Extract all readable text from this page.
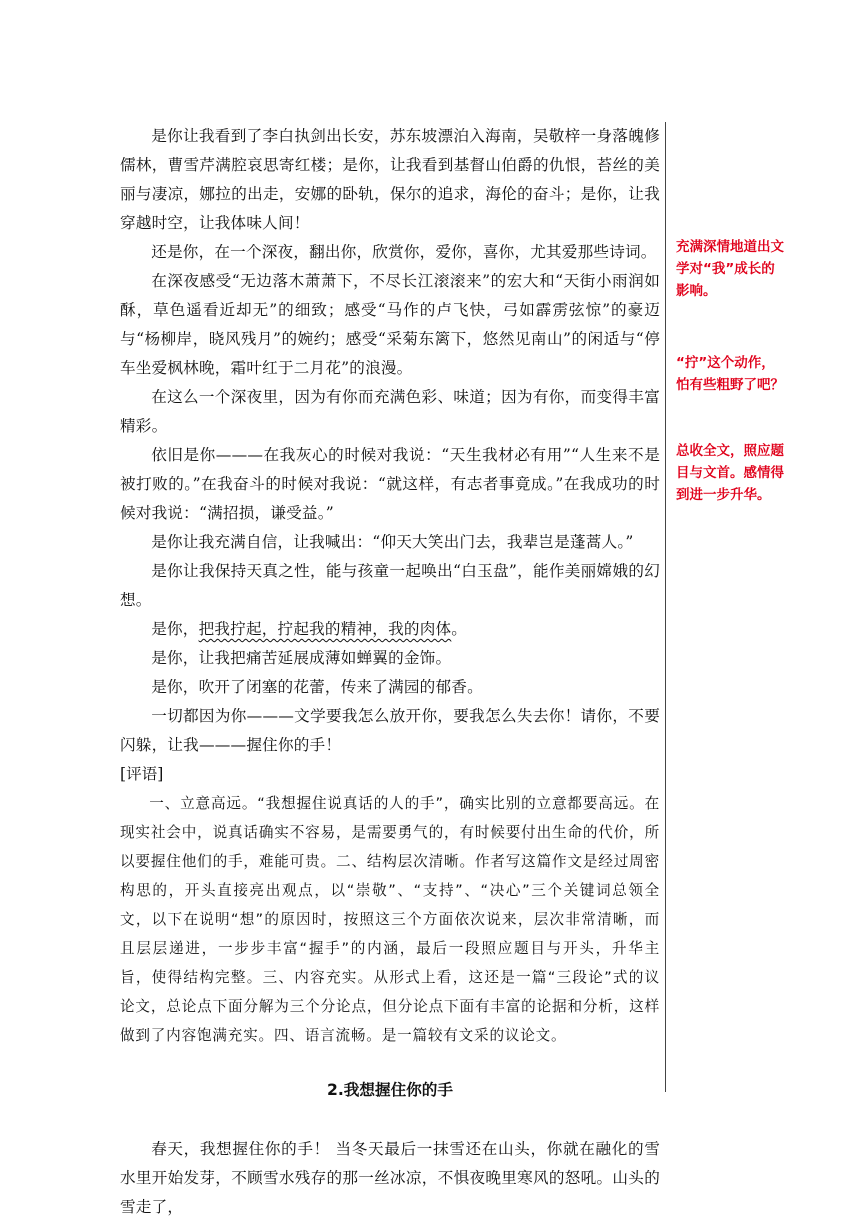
是你让我看到了李白执剑出长安，苏东坡漂泊入海南，吴敬梓一身落魄修儒林，曹雪芹满腔哀思寄红楼；是你，让我看到基督山伯爵的仇恨，苔丝的美丽与凄凉，娜拉的出走，安娜的卧轨，保尔的追求，海伦的奋斗；是你，让我穿越时空，让我体味人间！

还是你，在一个深夜，翻出你，欣赏你，爱你，喜你，尤其爱那些诗词。

在深夜感受“无边落木萧萧下，不尽长江滚滚来”的宏大和“天街小雨润如酥，草色遥看近却无”的细致；感受“马作的卢飞快，弓如霹雳弦惊”的豪迈与“杨柳岸，晓风残月”的婉约；感受“采菊东篱下，悠然见南山”的闲适与“停车坐爱枫林晚，霜叶红于二月花”的浪漫。

在这么一个深夜里，因为有你而充满色彩、味道；因为有你，而变得丰富精彩。

依旧是你———在我灰心的时候对我说：“天生我材必有用”“人生来不是被打败的。”在我奋斗的时候对我说：“就这样，有志者事竟成。”在我成功的时候对我说：“满招损，谦受益。”

是你让我充满自信，让我喊出：“仰天大笑出门去，我辈岂是蓬蒿人。”

是你让我保持天真之性，能与孩童一起唤出“白玉盘”，能作美丽嫦娥的幻想。

是你，把我拧起，拧起我的精神，我的肉体。

是你，让我把痛苦延展成薄如蝉翼的金饰。

是你，吹开了闭塞的花蕾，传来了满园的郁香。

一切都因为你———文学要我怎么放开你，要我怎么失去你！请你，不要闪躲，让我———握住你的手！

[评语]

一、立意高远。“我想握住说真话的人的手”，确实比别的立意都要高远。在现实社会中，说真话确实不容易，是需要勇气的，有时候要付出生命的代价，所以要握住他们的手，难能可贵。二、结构层次清晰。作者写这篇作文是经过周密构思的，开头直接亮出观点，以“崇敬”、“支持”、“决心”三个关键词总领全文，以下在说明“想”的原因时，按照这三个方面依次说来，层次非常清晰，而且层层递进，一步步丰富“握手”的内涵，最后一段照应题目与开头，升华主旨，使得结构完整。三、内容充实。从形式上看，这还是一篇“三段论”式的议论文，总论点下面分解为三个分论点，但分论点下面有丰富的论据和分析，这样做到了内容饱满充实。四、语言流畅。是一篇较有文采的议论文。

2.我想握住你的手

春天，我想握住你的手！ 当冬天最后一抹雪还在山头，你就在融化的雪水里开始发芽，不顾雪水残存的那一丝冰凉，不惧夜晚里寒风的怒吼。山头的雪走了，

充满深情地道出文学对“我”成长的影响。
“拧”这个动作，怕有些粗野了吧？
总收全文，照应题目与文首。感情得到进一步升华。
